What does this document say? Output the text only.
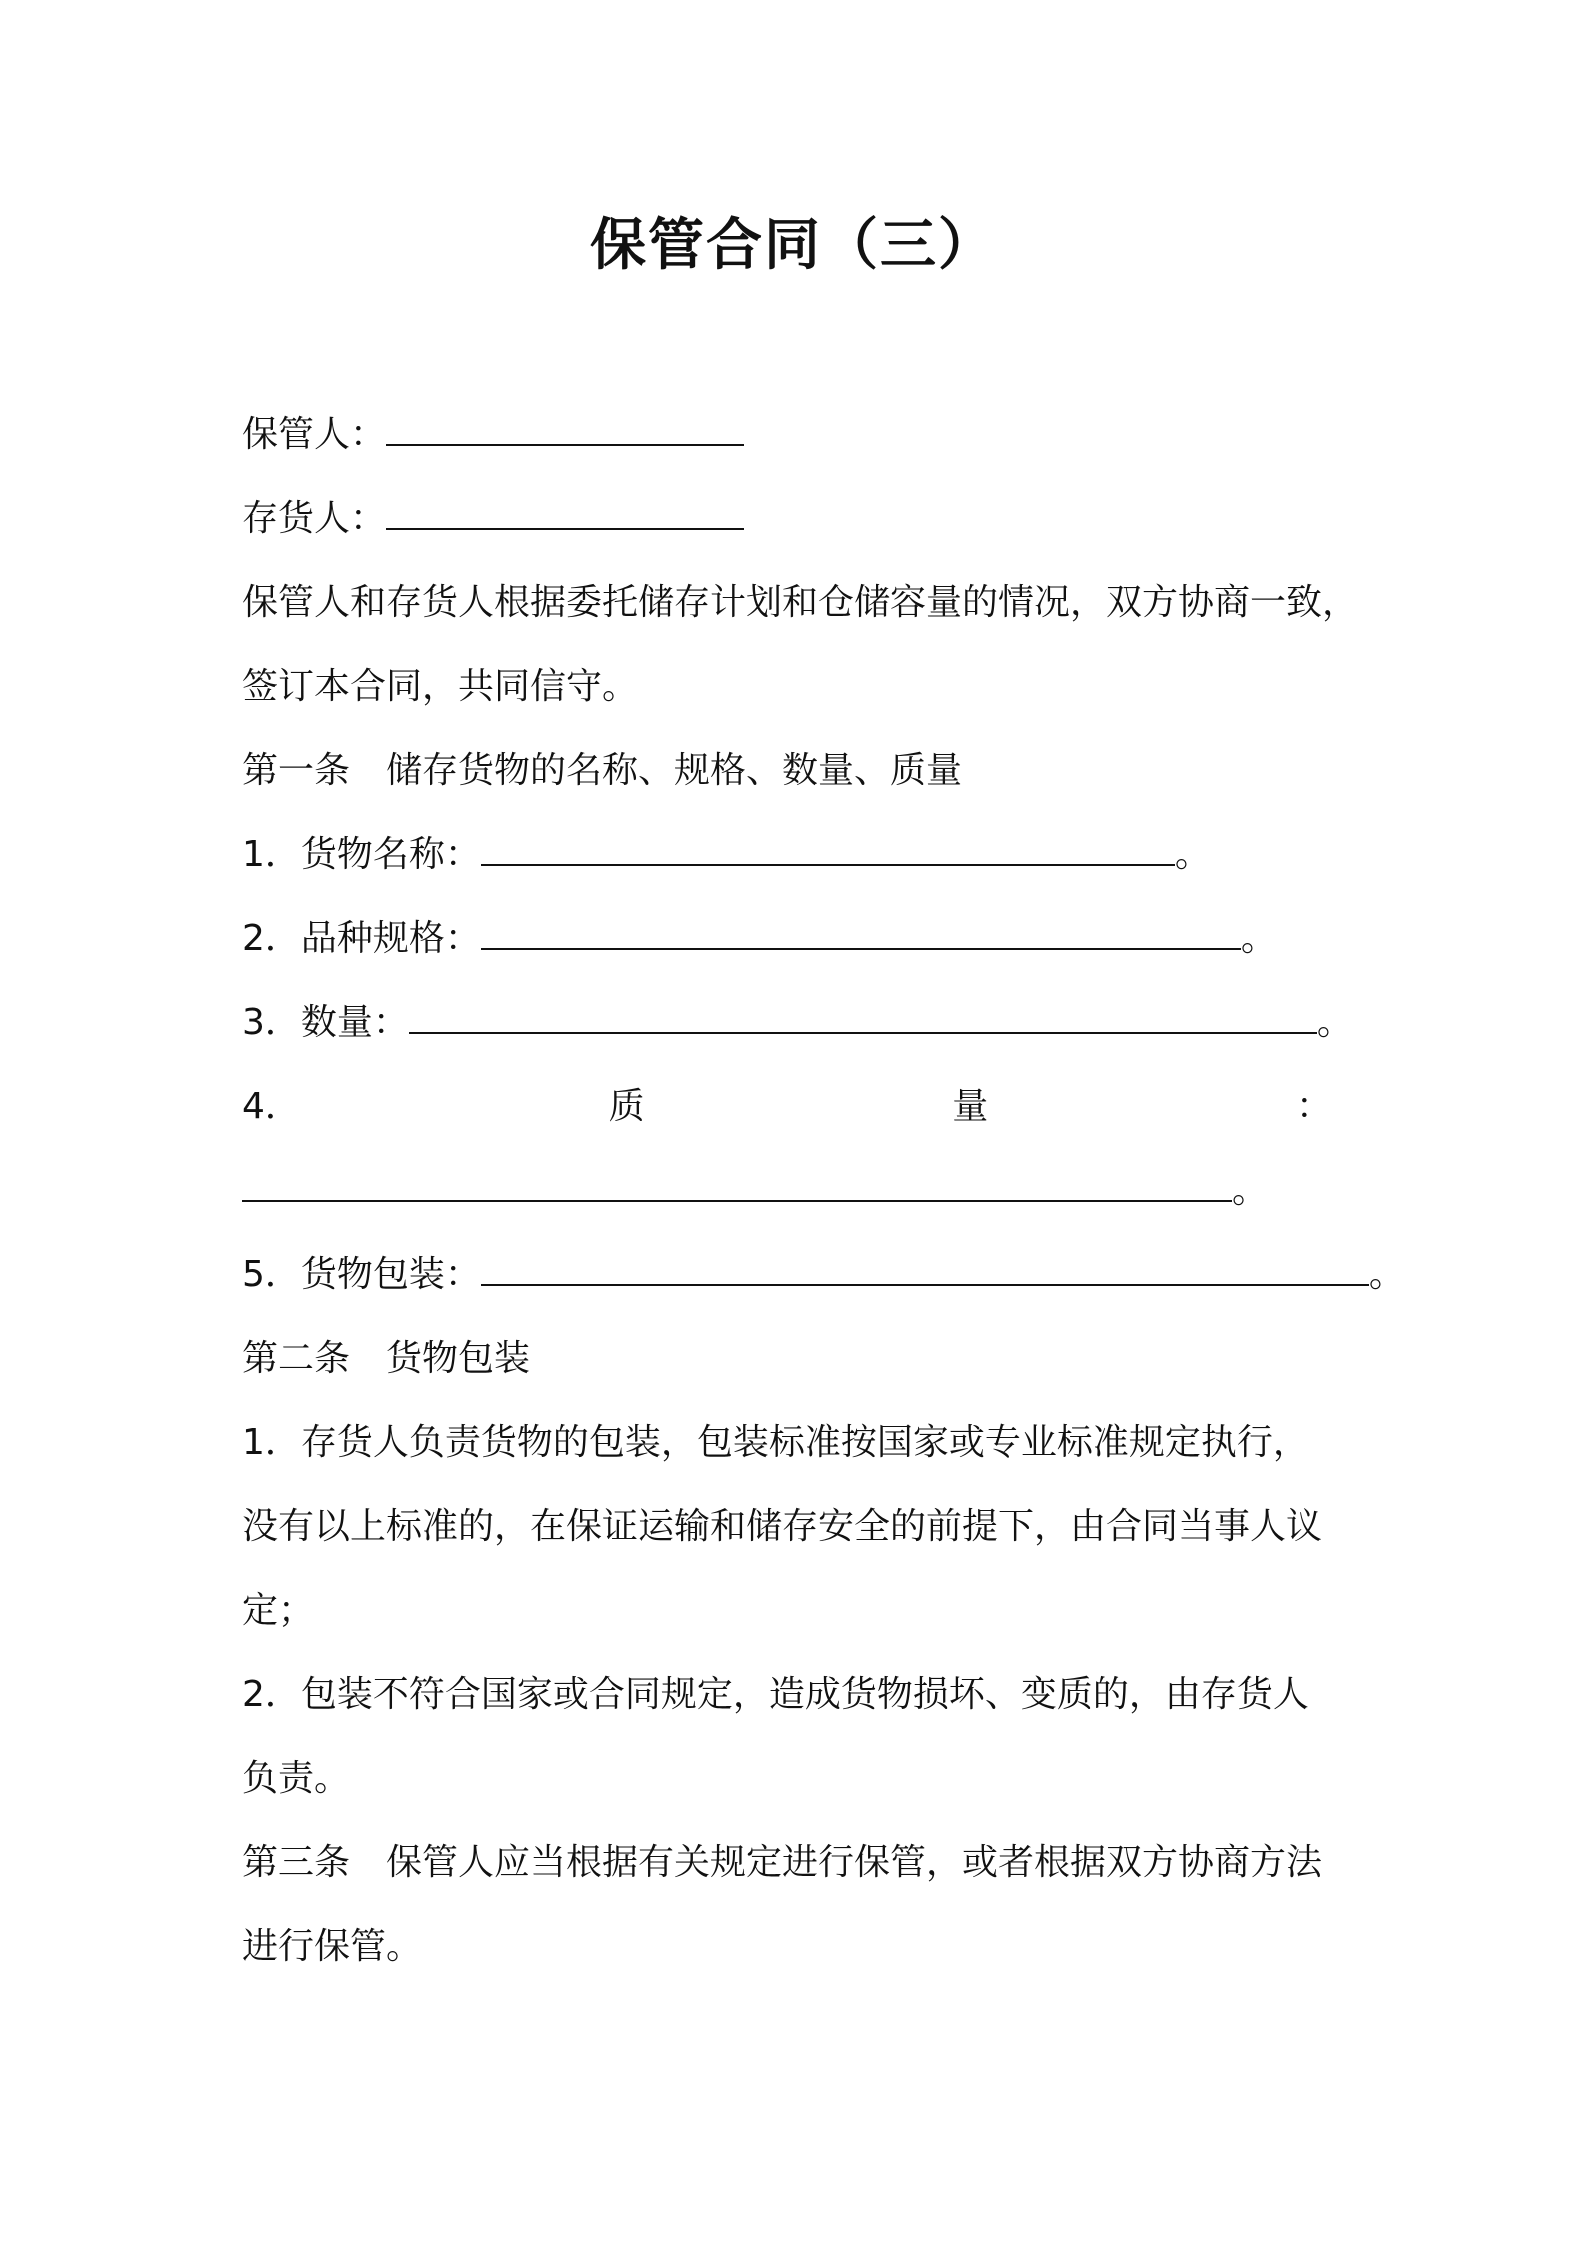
保管合同（三）
保管人：
存货人：
保管人和存货人根据委托储存计划和仓储容量的情况，双方协商一致，
签订本合同，共同信守。
第一条　储存货物的名称、规格、数量、质量
1．货物名称：	。
2．品种规格：	。
3．数量：	。
4．	质	量	：
。
5．货物包装：	。
第二条　货物包装
1．存货人负责货物的包装，包装标准按国家或专业标准规定执行，
没有以上标准的，在保证运输和储存安全的前提下，由合同当事人议
定；
2．包装不符合国家或合同规定，造成货物损坏、变质的，由存货人
负责。
第三条　保管人应当根据有关规定进行保管，或者根据双方协商方法
进行保管。
